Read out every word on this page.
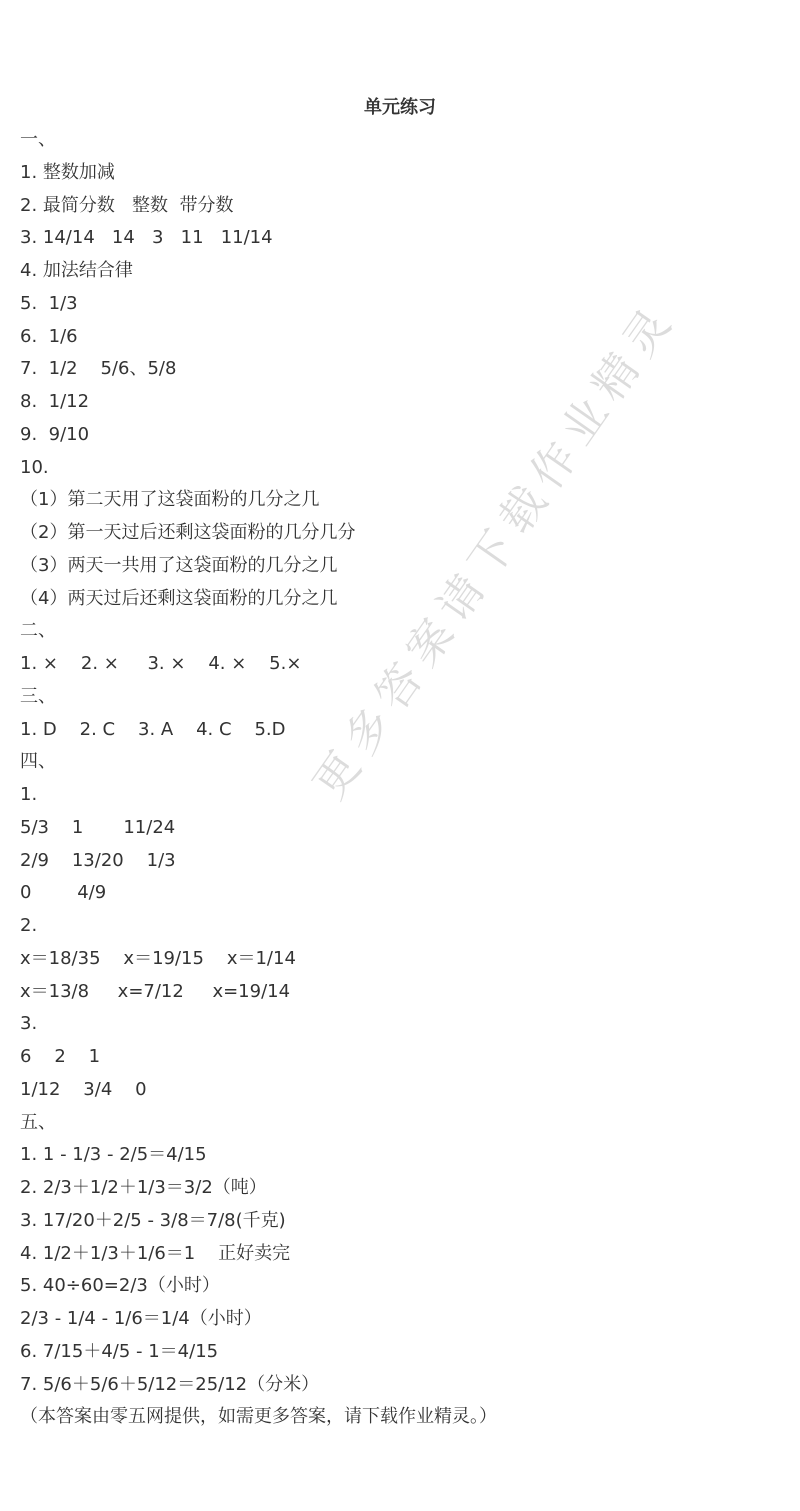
单元练习
一、
1. 整数加减
2. 最简分数   整数  带分数
3. 14/14   14   3   11   11/14
4. 加法结合律
5.  1/3
6.  1/6
7.  1/2    5/6、5/8
8.  1/12
9.  9/10
10.
（1）第二天用了这袋面粉的几分之几
（2）第一天过后还剩这袋面粉的几分几分
（3）两天一共用了这袋面粉的几分之几
（4）两天过后还剩这袋面粉的几分之几
二、
1. ×    2. ×     3. ×    4. ×    5.×
三、
1. D    2. C    3. A    4. C    5.D
四、
1.
5/3    1       11/24
2/9    13/20    1/3
0        4/9
2.
x＝18/35    x＝19/15    x＝1/14
x＝13/8     x=7/12     x=19/14
3.
6    2    1
1/12    3/4    0
五、
1. 1 - 1/3 - 2/5＝4/15
2. 2/3＋1/2＋1/3＝3/2（吨）
3. 17/20＋2/5 - 3/8＝7/8(千克)
4. 1/2＋1/3＋1/6＝1    正好卖完
5. 40÷60=2/3（小时）
2/3 - 1/4 - 1/6＝1/4（小时）
6. 7/15＋4/5 - 1＝4/15
7. 5/6＋5/6＋5/12＝25/12（分米）
（本答案由零五网提供，如需更多答案，请下载作业精灵。）
更多答案请下载作业精灵
